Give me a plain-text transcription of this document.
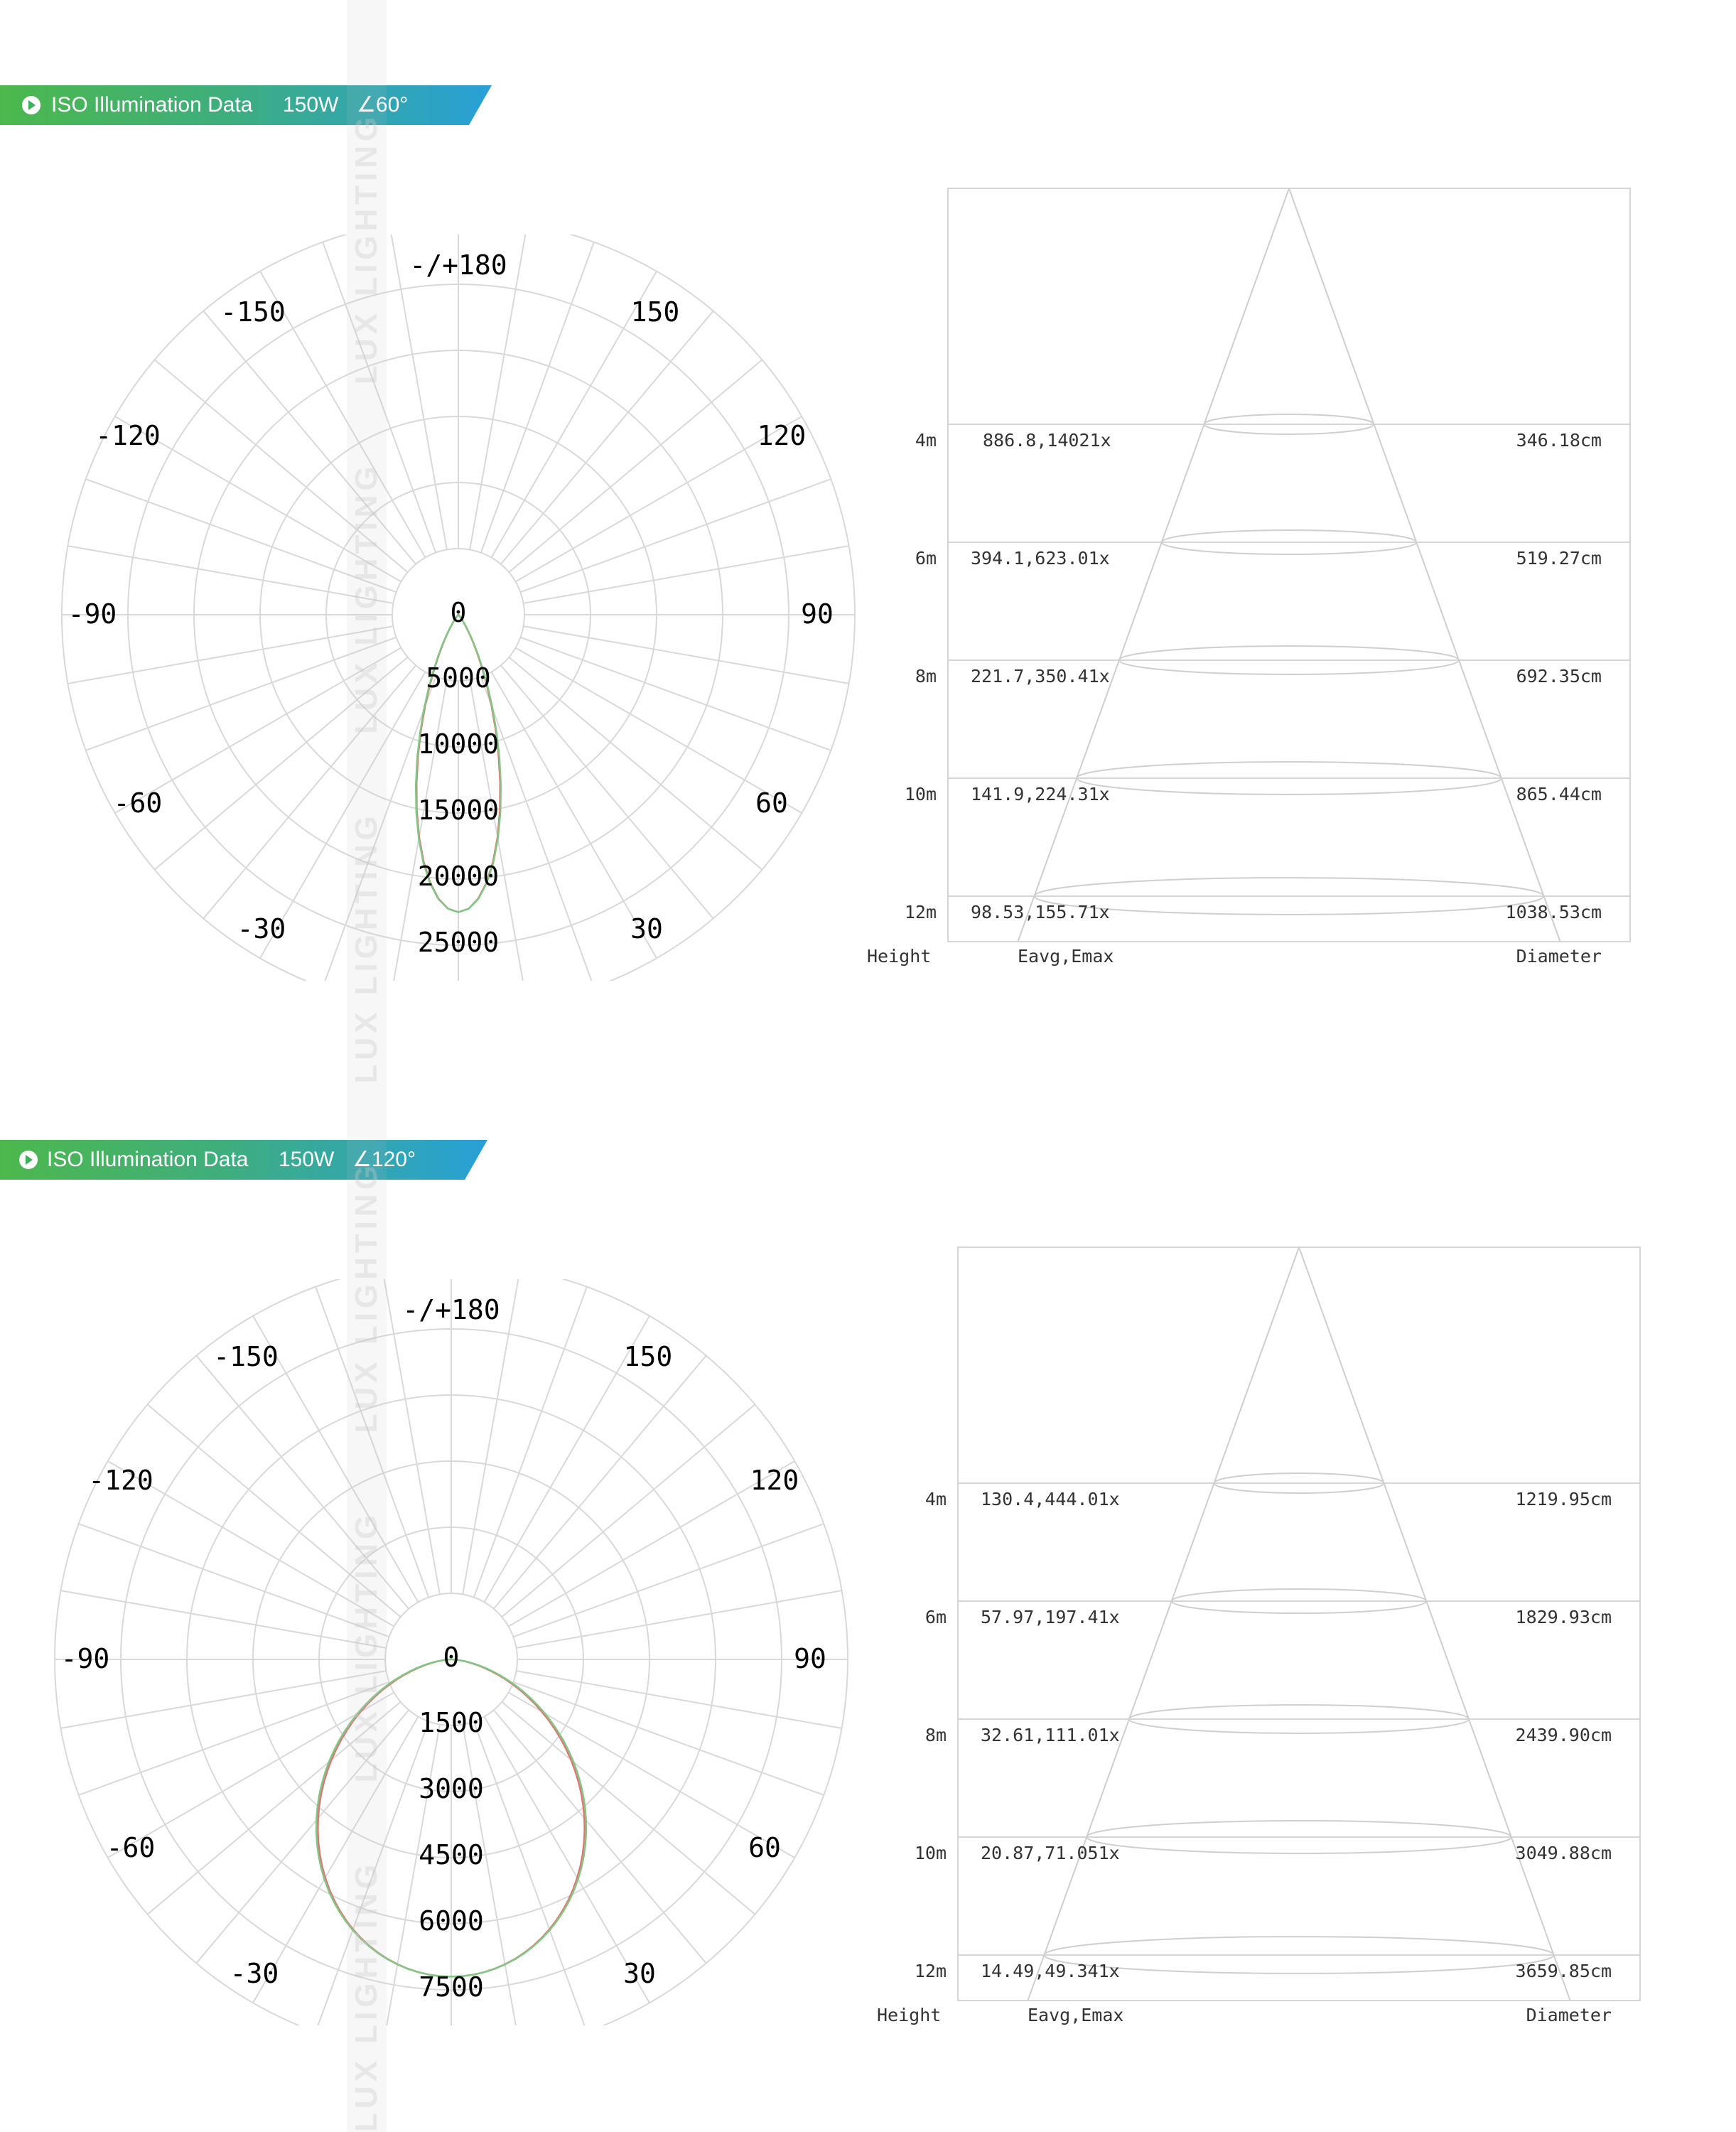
ISO Illumination Data 150W ∠60°
0
5000
10000
15000
20000
25000
-/+180
-150	150
-120	120
-90	90
-60	60
-30	30
4m	886.8,14021x	346.18cm
6m 394.1,623.01x	519.27cm
8m 221.7,350.41x	692.35cm
10m 141.9,224.31x	865.44cm
12m 98.53,155.71x	1038.53cm
Height	Eavg,Emax	Diameter
ISO Illumination Data 150W ∠120°
0
1500
3000
4500
6000
7500
-/+180
-150	150
-120	120
-90	90
-60	60
-30	30
4m 130.4,444.01x	1219.95cm
6m 57.97,197.41x	1829.93cm
8m 32.61,111.01x	2439.90cm
10m 20.87,71.051x	3049.88cm
12m 14.49,49.341x	3659.85cm
Height	Eavg,Emax	Diameter
LUX LIGHTING      LUX LIGHTING      LUX LIGHTING      LUX LIGHTING      LUX LIGHTING      LUX LIGHTING
